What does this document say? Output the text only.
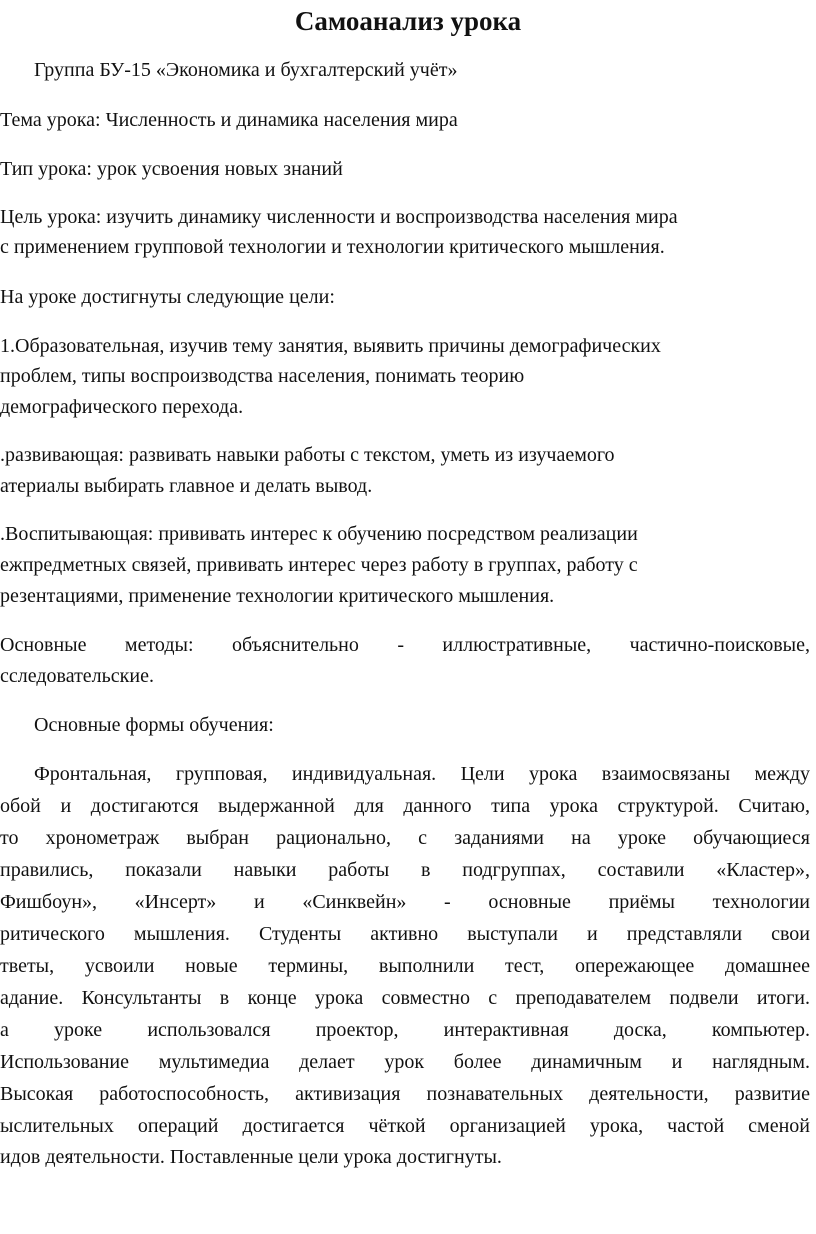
Самоанализ урока

Группа БУ-15 «Экономика и бухгалтерский учёт»

Тема урока: Численность и динамика населения мира

Тип урока: урок усвоения новых знаний

Цель урока: изучить динамику численности и воспроизводства населения мира

с применением групповой технологии и технологии критического мышления.

На уроке достигнуты следующие цели:

1.Образовательная, изучив тему занятия, выявить причины демографических

проблем, типы воспроизводства населения, понимать теорию

демографического перехода.

.развивающая: развивать навыки работы с текстом, уметь из изучаемого

атериалы выбирать главное и делать вывод.

.Воспитывающая: прививать интерес к обучению посредством реализации

ежпредметных связей, прививать интерес через работу в группах, работу с

резентациями, применение технологии критического мышления.

Основные методы: объяснительно - иллюстративные, частично-поисковые,

сследовательские.

Основные формы обучения:

Фронтальная, групповая, индивидуальная. Цели урока взаимосвязаны между

обой и достигаются выдержанной для данного типа урока структурой. Считаю,

то хронометраж выбран рационально, с заданиями на уроке обучающиеся

правились, показали навыки работы в подгруппах, составили «Кластер»,

Фишбоун», «Инсерт» и «Синквейн» - основные приёмы технологии

ритического мышления. Студенты активно выступали и представляли свои

тветы, усвоили новые термины, выполнили тест, опережающее домашнее

адание. Консультанты в конце урока совместно с преподавателем подвели итоги.

а уроке использовался проектор, интерактивная доска, компьютер.

Использование мультимедиа делает урок более динамичным и наглядным.

Высокая работоспособность, активизация познавательных деятельности, развитие

ыслительных операций достигается чёткой организацией урока, частой сменой

идов деятельности. Поставленные цели урока достигнуты.
